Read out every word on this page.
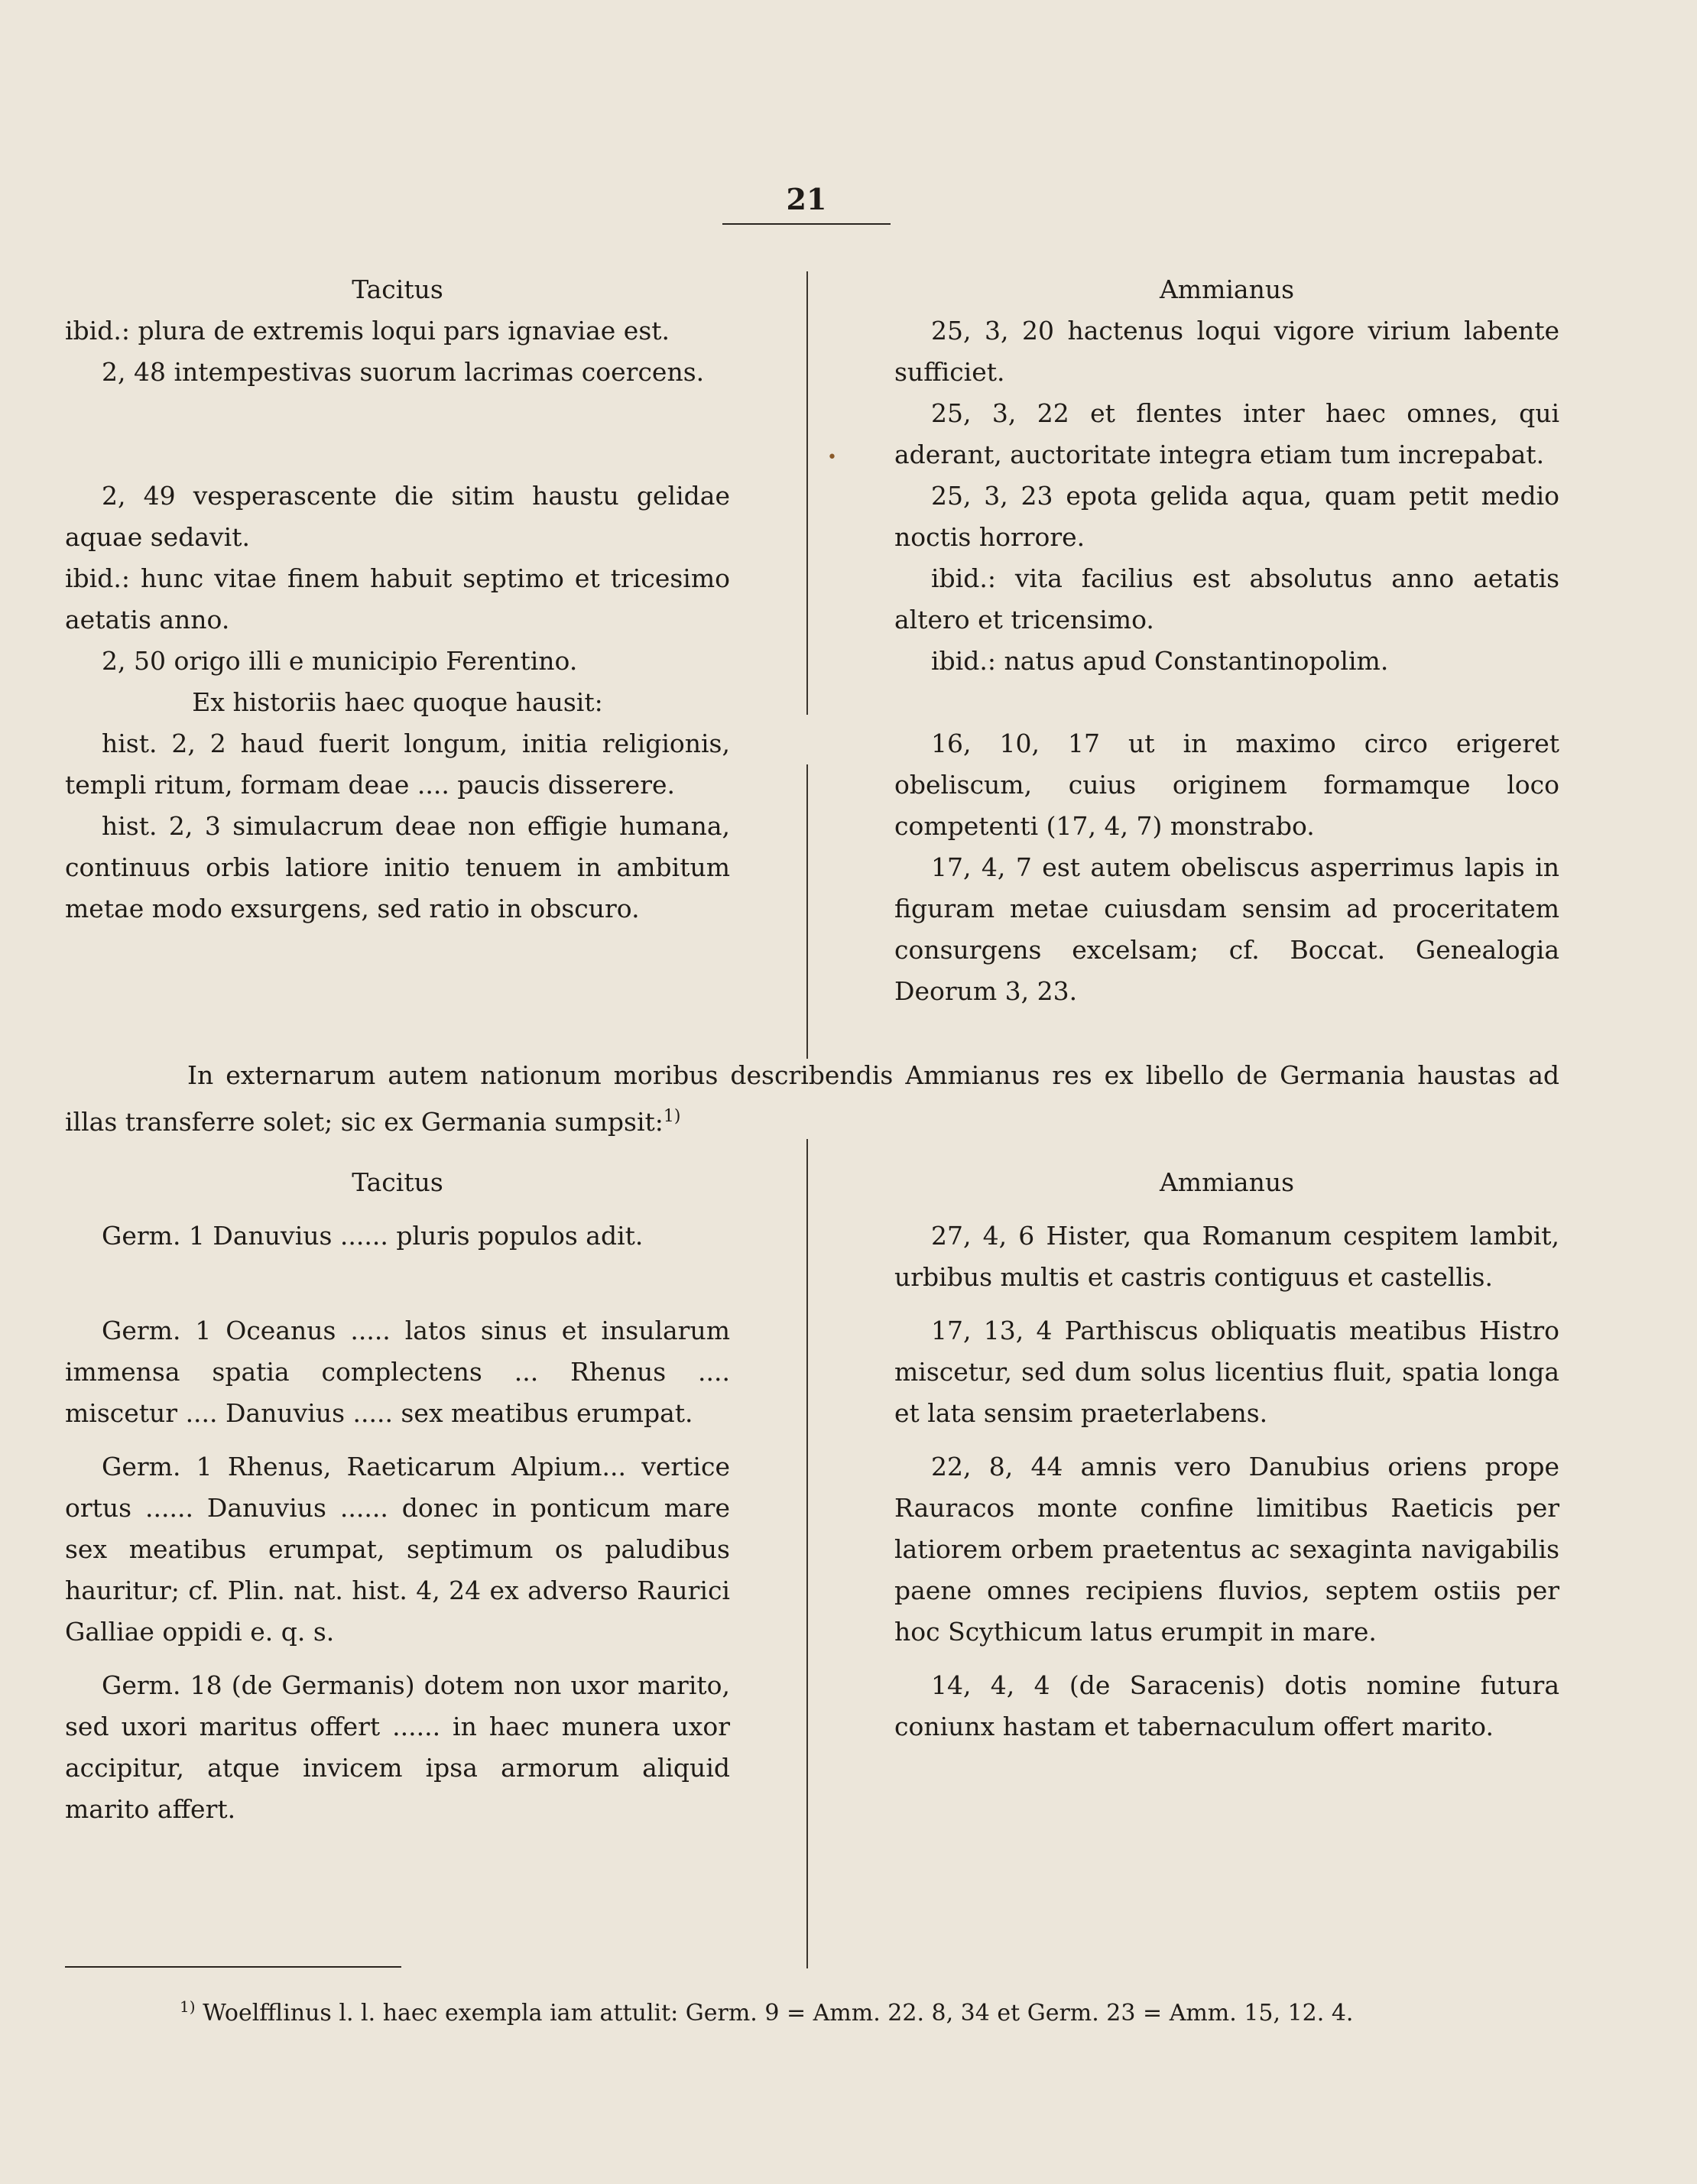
21

Tacitus

ibid.: plura de extremis loqui pars ignaviae est.

2, 48 intempestivas suorum lacrimas coercens.

2, 49 vesperascente die sitim haustu gelidae aquae sedavit.

ibid.: hunc vitae finem habuit septimo et tricesimo aetatis anno.

2, 50 origo illi e municipio Ferentino.

Ex historiis haec quoque hausit:

hist. 2, 2 haud fuerit longum, initia religionis, templi ritum, formam deae .... paucis disserere.

hist. 2, 3 simulacrum deae non effigie humana, continuus orbis latiore initio tenuem in ambitum metae modo exsurgens, sed ratio in obscuro.

•

Ammianus

25, 3, 20 hactenus loqui vigore virium labente sufficiet.

25, 3, 22 et flentes inter haec omnes, qui aderant, auctoritate integra etiam tum increpabat.

25, 3, 23 epota gelida aqua, quam petit medio noctis horrore.

ibid.: vita facilius est absolutus anno aetatis altero et tricensimo.

ibid.: natus apud Constantinopolim.

16, 10, 17 ut in maximo circo erigeret obeliscum, cuius originem formamque loco competenti (17, 4, 7) monstrabo.

17, 4, 7 est autem obeliscus asperrimus lapis in figuram metae cuiusdam sensim ad proceritatem consurgens excelsam; cf. Boccat. Genealogia Deorum 3, 23.

In externarum autem nationum moribus describendis Ammianus res ex libello de Germania haustas ad illas transferre solet; sic ex Germania sumpsit:$^{1)}$

Tacitus

Germ. 1 Danuvius ...... pluris populos adit.

Germ. 1 Oceanus ..... latos sinus et insularum immensa spatia complectens ... Rhenus .... miscetur .... Danuvius ..... sex meatibus erumpat.

Germ. 1 Rhenus, Raeticarum Alpium... vertice ortus ...... Danuvius ...... donec in ponticum mare sex meatibus erumpat, septimum os paludibus hauritur; cf. Plin. nat. hist. 4, 24 ex adverso Raurici Galliae oppidi e. q. s.

Germ. 18 (de Germanis) dotem non uxor marito, sed uxori maritus offert ...... in haec munera uxor accipitur, atque invicem ipsa armorum aliquid marito affert.

Ammianus

27, 4, 6 Hister, qua Romanum cespitem lambit, urbibus multis et castris contiguus et castellis.

17, 13, 4 Parthiscus obliquatis meatibus Histro miscetur, sed dum solus licentius fluit, spatia longa et lata sensim praeterlabens.

22, 8, 44 amnis vero Danubius oriens prope Rauracos monte confine limitibus Raeticis per latiorem orbem praetentus ac sexaginta navigabilis paene omnes recipiens fluvios, septem ostiis per hoc Scythicum latus erumpit in mare.

14, 4, 4 (de Saracenis) dotis nomine futura coniunx hastam et tabernaculum offert marito.

$^{1)}$ Woelfflinus l. l. haec exempla iam attulit: Germ. 9 = Amm. 22. 8, 34 et Germ. 23 = Amm. 15, 12. 4.
